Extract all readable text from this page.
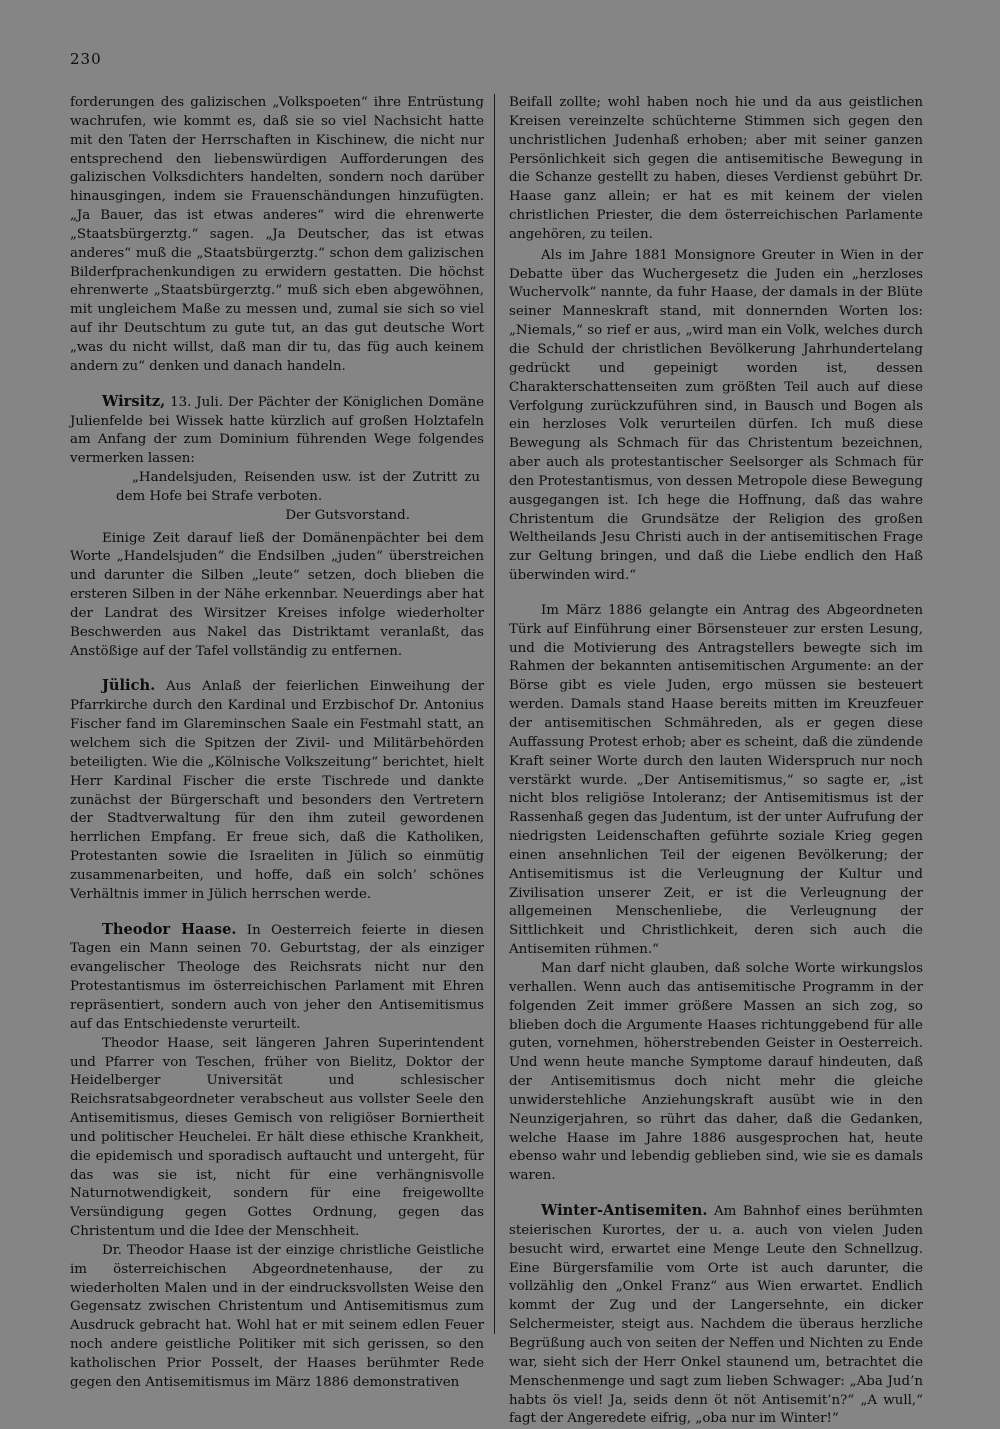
230

forderungen des galizischen „Volkspoeten“ ihre Entrüstung wachrufen, wie kommt es, daß sie so viel Nachsicht hatte mit den Taten der Herrschaften in Kischinew, die nicht nur entsprechend den liebenswürdigen Aufforderungen des galizischen Volksdichters handelten, sondern noch darüber hinausgingen, indem sie Frauenschändungen hinzufügten. „Ja Bauer, das ist etwas anderes“ wird die ehrenwerte „Staatsbürgerztg.“ sagen. „Ja Deutscher, das ist etwas anderes“ muß die „Staatsbürgerztg.“ schon dem galizischen Bilderfprachenkundigen zu erwidern gestatten. Die höchst ehrenwerte „Staatsbürgerztg.“ muß sich eben abgewöhnen, mit ungleichem Maße zu messen und, zumal sie sich so viel auf ihr Deutschtum zu gute tut, an das gut deutsche Wort „was du nicht willst, daß man dir tu, das füg auch keinem andern zu“ denken und danach handeln.

Wirsitz, 13. Juli. Der Pächter der Königlichen Domäne Julienfelde bei Wissek hatte kürzlich auf großen Holztafeln am Anfang der zum Dominium führenden Wege folgendes vermerken lassen:

„Handelsjuden, Reisenden usw. ist der Zutritt zu dem Hofe bei Strafe verboten.

Der Gutsvorstand.

Einige Zeit darauf ließ der Domänenpächter bei dem Worte „Handelsjuden“ die Endsilben „juden“ überstreichen und darunter die Silben „leute“ setzen, doch blieben die ersteren Silben in der Nähe erkennbar. Neuerdings aber hat der Landrat des Wirsitzer Kreises infolge wiederholter Beschwerden aus Nakel das Distriktamt veranlaßt, das Anstößige auf der Tafel vollständig zu entfernen.

Jülich. Aus Anlaß der feierlichen Einweihung der Pfarrkirche durch den Kardinal und Erzbischof Dr. Antonius Fischer fand im Glareminschen Saale ein Festmahl statt, an welchem sich die Spitzen der Zivil- und Militärbehörden beteiligten. Wie die „Kölnische Volkszeitung“ berichtet, hielt Herr Kardinal Fischer die erste Tischrede und dankte zunächst der Bürgerschaft und besonders den Vertretern der Stadtverwaltung für den ihm zuteil gewordenen herrlichen Empfang. Er freue sich, daß die Katholiken, Protestanten sowie die Israeliten in Jülich so einmütig zusammenarbeiten, und hoffe, daß ein solch’ schönes Verhältnis immer in Jülich herrschen werde.

Theodor Haase. In Oesterreich feierte in diesen Tagen ein Mann seinen 70. Geburtstag, der als einziger evangelischer Theologe des Reichsrats nicht nur den Protestantismus im österreichischen Parlament mit Ehren repräsentiert, sondern auch von jeher den Antisemitismus auf das Entschiedenste verurteilt.

Theodor Haase, seit längeren Jahren Superintendent und Pfarrer von Teschen, früher von Bielitz, Doktor der Heidelberger Universität und schlesischer Reichsratsabgeordneter verabscheut aus vollster Seele den Antisemitismus, dieses Gemisch von religiöser Borniertheit und politischer Heuchelei. Er hält diese ethische Krankheit, die epidemisch und sporadisch auftaucht und untergeht, für das was sie ist, nicht für eine verhängnisvolle Naturnotwendigkeit, sondern für eine freigewollte Versündigung gegen Gottes Ordnung, gegen das Christentum und die Idee der Menschheit.

Dr. Theodor Haase ist der einzige christliche Geistliche im österreichischen Abgeordnetenhause, der zu wiederholten Malen und in der eindrucksvollsten Weise den Gegensatz zwischen Christentum und Antisemitismus zum Ausdruck gebracht hat. Wohl hat er mit seinem edlen Feuer noch andere geistliche Politiker mit sich gerissen, so den katholischen Prior Posselt, der Haases berühmter Rede gegen den Antisemitismus im März 1886 demonstrativen

Beifall zollte; wohl haben noch hie und da aus geistlichen Kreisen vereinzelte schüchterne Stimmen sich gegen den unchristlichen Judenhaß erhoben; aber mit seiner ganzen Persönlichkeit sich gegen die antisemitische Bewegung in die Schanze gestellt zu haben, dieses Verdienst gebührt Dr. Haase ganz allein; er hat es mit keinem der vielen christlichen Priester, die dem österreichischen Parlamente angehören, zu teilen.

Als im Jahre 1881 Monsignore Greuter in Wien in der Debatte über das Wuchergesetz die Juden ein „herzloses Wuchervolk“ nannte, da fuhr Haase, der damals in der Blüte seiner Manneskraft stand, mit donnernden Worten los: „Niemals,“ so rief er aus, „wird man ein Volk, welches durch die Schuld der christlichen Bevölkerung Jahrhundertelang gedrückt und gepeinigt worden ist, dessen Charakterschattenseiten zum größten Teil auch auf diese Verfolgung zurückzuführen sind, in Bausch und Bogen als ein herzloses Volk verurteilen dürfen. Ich muß diese Bewegung als Schmach für das Christentum bezeichnen, aber auch als protestantischer Seelsorger als Schmach für den Protestantismus, von dessen Metropole diese Bewegung ausgegangen ist. Ich hege die Hoffnung, daß das wahre Christentum die Grundsätze der Religion des großen Weltheilands Jesu Christi auch in der antisemitischen Frage zur Geltung bringen, und daß die Liebe endlich den Haß überwinden wird.“

Im März 1886 gelangte ein Antrag des Abgeordneten Türk auf Einführung einer Börsensteuer zur ersten Lesung, und die Motivierung des Antragstellers bewegte sich im Rahmen der bekannten antisemitischen Argumente: an der Börse gibt es viele Juden, ergo müssen sie besteuert werden. Damals stand Haase bereits mitten im Kreuzfeuer der antisemitischen Schmähreden, als er gegen diese Auffassung Protest erhob; aber es scheint, daß die zündende Kraft seiner Worte durch den lauten Widerspruch nur noch verstärkt wurde. „Der Antisemitismus,“ so sagte er, „ist nicht blos religiöse Intoleranz; der Antisemitismus ist der Rassenhaß gegen das Judentum, ist der unter Aufrufung der niedrigsten Leidenschaften geführte soziale Krieg gegen einen ansehnlichen Teil der eigenen Bevölkerung; der Antisemitismus ist die Verleugnung der Kultur und Zivilisation unserer Zeit, er ist die Verleugnung der allgemeinen Menschenliebe, die Verleugnung der Sittlichkeit und Christlichkeit, deren sich auch die Antisemiten rühmen.“

Man darf nicht glauben, daß solche Worte wirkungslos verhallen. Wenn auch das antisemitische Programm in der folgenden Zeit immer größere Massen an sich zog, so blieben doch die Argumente Haases richtunggebend für alle guten, vornehmen, höherstrebenden Geister in Oesterreich. Und wenn heute manche Symptome darauf hindeuten, daß der Antisemitismus doch nicht mehr die gleiche unwiderstehliche Anziehungskraft ausübt wie in den Neunzigerjahren, so rührt das daher, daß die Gedanken, welche Haase im Jahre 1886 ausgesprochen hat, heute ebenso wahr und lebendig geblieben sind, wie sie es damals waren.

Winter-Antisemiten. Am Bahnhof eines berühmten steierischen Kurortes, der u. a. auch von vielen Juden besucht wird, erwartet eine Menge Leute den Schnellzug. Eine Bürgersfamilie vom Orte ist auch darunter, die vollzählig den „Onkel Franz“ aus Wien erwartet. Endlich kommt der Zug und der Langersehnte, ein dicker Selchermeister, steigt aus. Nachdem die überaus herzliche Begrüßung auch von seiten der Neffen und Nichten zu Ende war, sieht sich der Herr Onkel staunend um, betrachtet die Menschenmenge und sagt zum lieben Schwager: „Aba Jud’n habts ös viel! Ja, seids denn öt nöt Antisemit’n?“ „A wull,“ fagt der Angeredete eifrig, „oba nur im Winter!“
